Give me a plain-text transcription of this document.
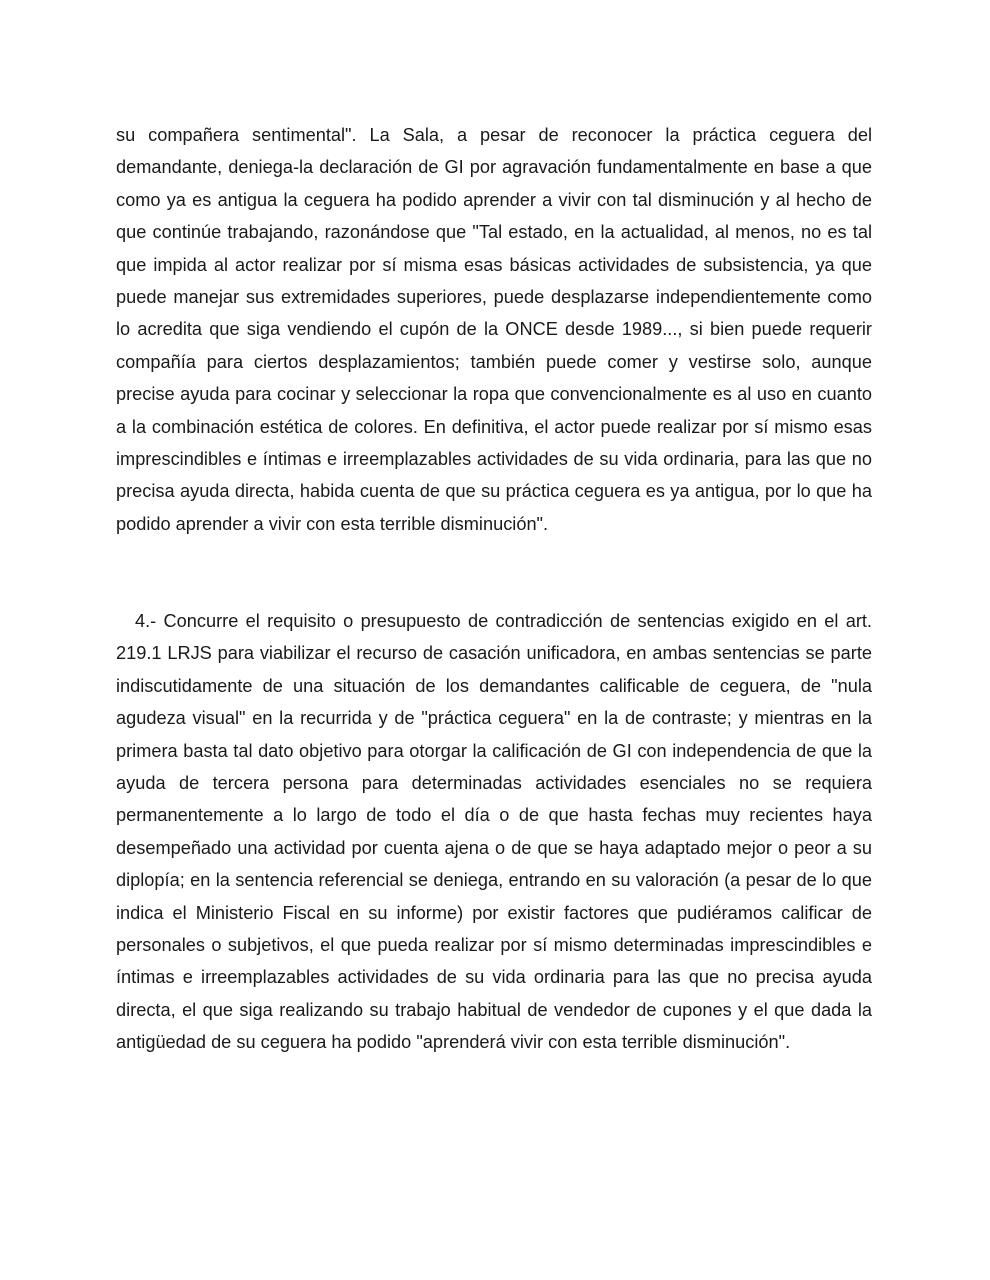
su compañera sentimental". La Sala, a pesar de reconocer la práctica ceguera del demandante, deniega-la declaración de GI por agravación fundamentalmente en base a que como ya es antigua la ceguera ha podido aprender a vivir con tal disminución y al hecho de que continúe trabajando, razonándose que "Tal estado, en la actualidad, al menos, no es tal que impida al actor realizar por sí misma esas básicas actividades de subsistencia, ya que puede manejar sus extremidades superiores, puede desplazarse independientemente como lo acredita que siga vendiendo el cupón de la ONCE desde 1989..., si bien puede requerir compañía para ciertos desplazamientos; también puede comer y vestirse solo, aunque precise ayuda para cocinar y seleccionar la ropa que convencionalmente es al uso en cuanto a la combinación estética de colores. En definitiva, el actor puede realizar por sí mismo esas imprescindibles e íntimas e irreemplazables actividades de su vida ordinaria, para las que no precisa ayuda directa, habida cuenta de que su práctica ceguera es ya antigua, por lo que ha podido aprender a vivir con esta terrible disminución".

4.- Concurre el requisito o presupuesto de contradicción de sentencias exigido en el art. 219.1 LRJS para viabilizar el recurso de casación unificadora, en ambas sentencias se parte indiscutidamente de una situación de los demandantes calificable de ceguera, de "nula agudeza visual" en la recurrida y de "práctica ceguera" en la de contraste; y mientras en la primera basta tal dato objetivo para otorgar la calificación de GI con independencia de que la ayuda de tercera persona para determinadas actividades esenciales no se requiera permanentemente a lo largo de todo el día o de que hasta fechas muy recientes haya desempeñado una actividad por cuenta ajena o de que se haya adaptado mejor o peor a su diplopía; en la sentencia referencial se deniega, entrando en su valoración (a pesar de lo que indica el Ministerio Fiscal en su informe) por existir factores que pudiéramos calificar de personales o subjetivos, el que pueda realizar por sí mismo determinadas imprescindibles e íntimas e irreemplazables actividades de su vida ordinaria para las que no precisa ayuda directa, el que siga realizando su trabajo habitual de vendedor de cupones y el que dada la antigüedad de su ceguera ha podido "aprenderá vivir con esta terrible disminución".
